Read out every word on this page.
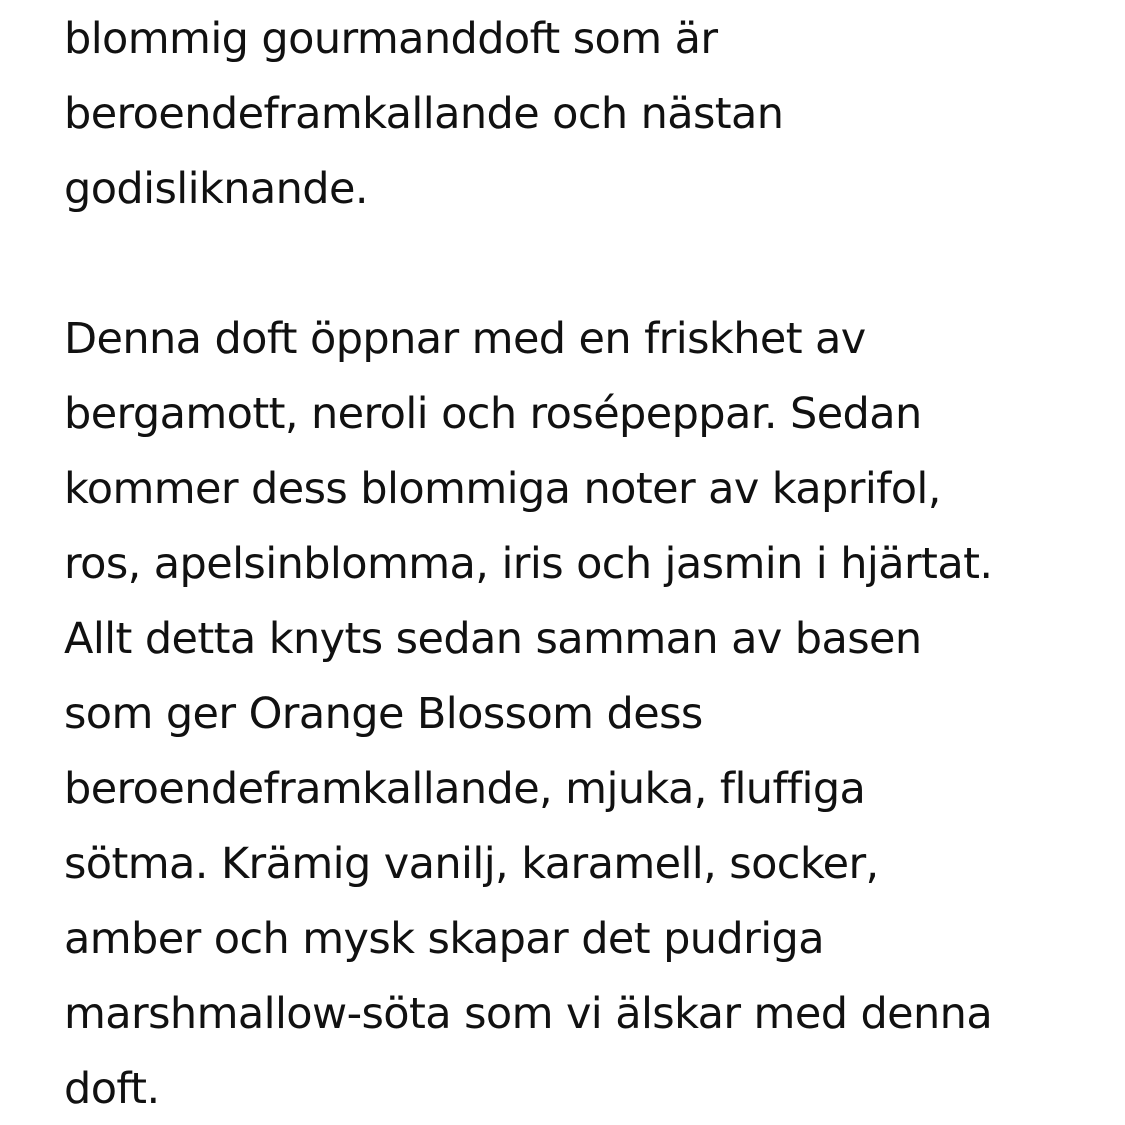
blommig gourmanddoft som är

beroendeframkallande och nästan

godisliknande.

Denna doft öppnar med en friskhet av

bergamott, neroli och rosépeppar. Sedan

kommer dess blommiga noter av kaprifol,

ros, apelsinblomma, iris och jasmin i hjärtat.

Allt detta knyts sedan samman av basen

som ger Orange Blossom dess

beroendeframkallande, mjuka, fluffiga

sötma. Krämig vanilj, karamell, socker,

amber och mysk skapar det pudriga

marshmallow-söta som vi älskar med denna

doft.
